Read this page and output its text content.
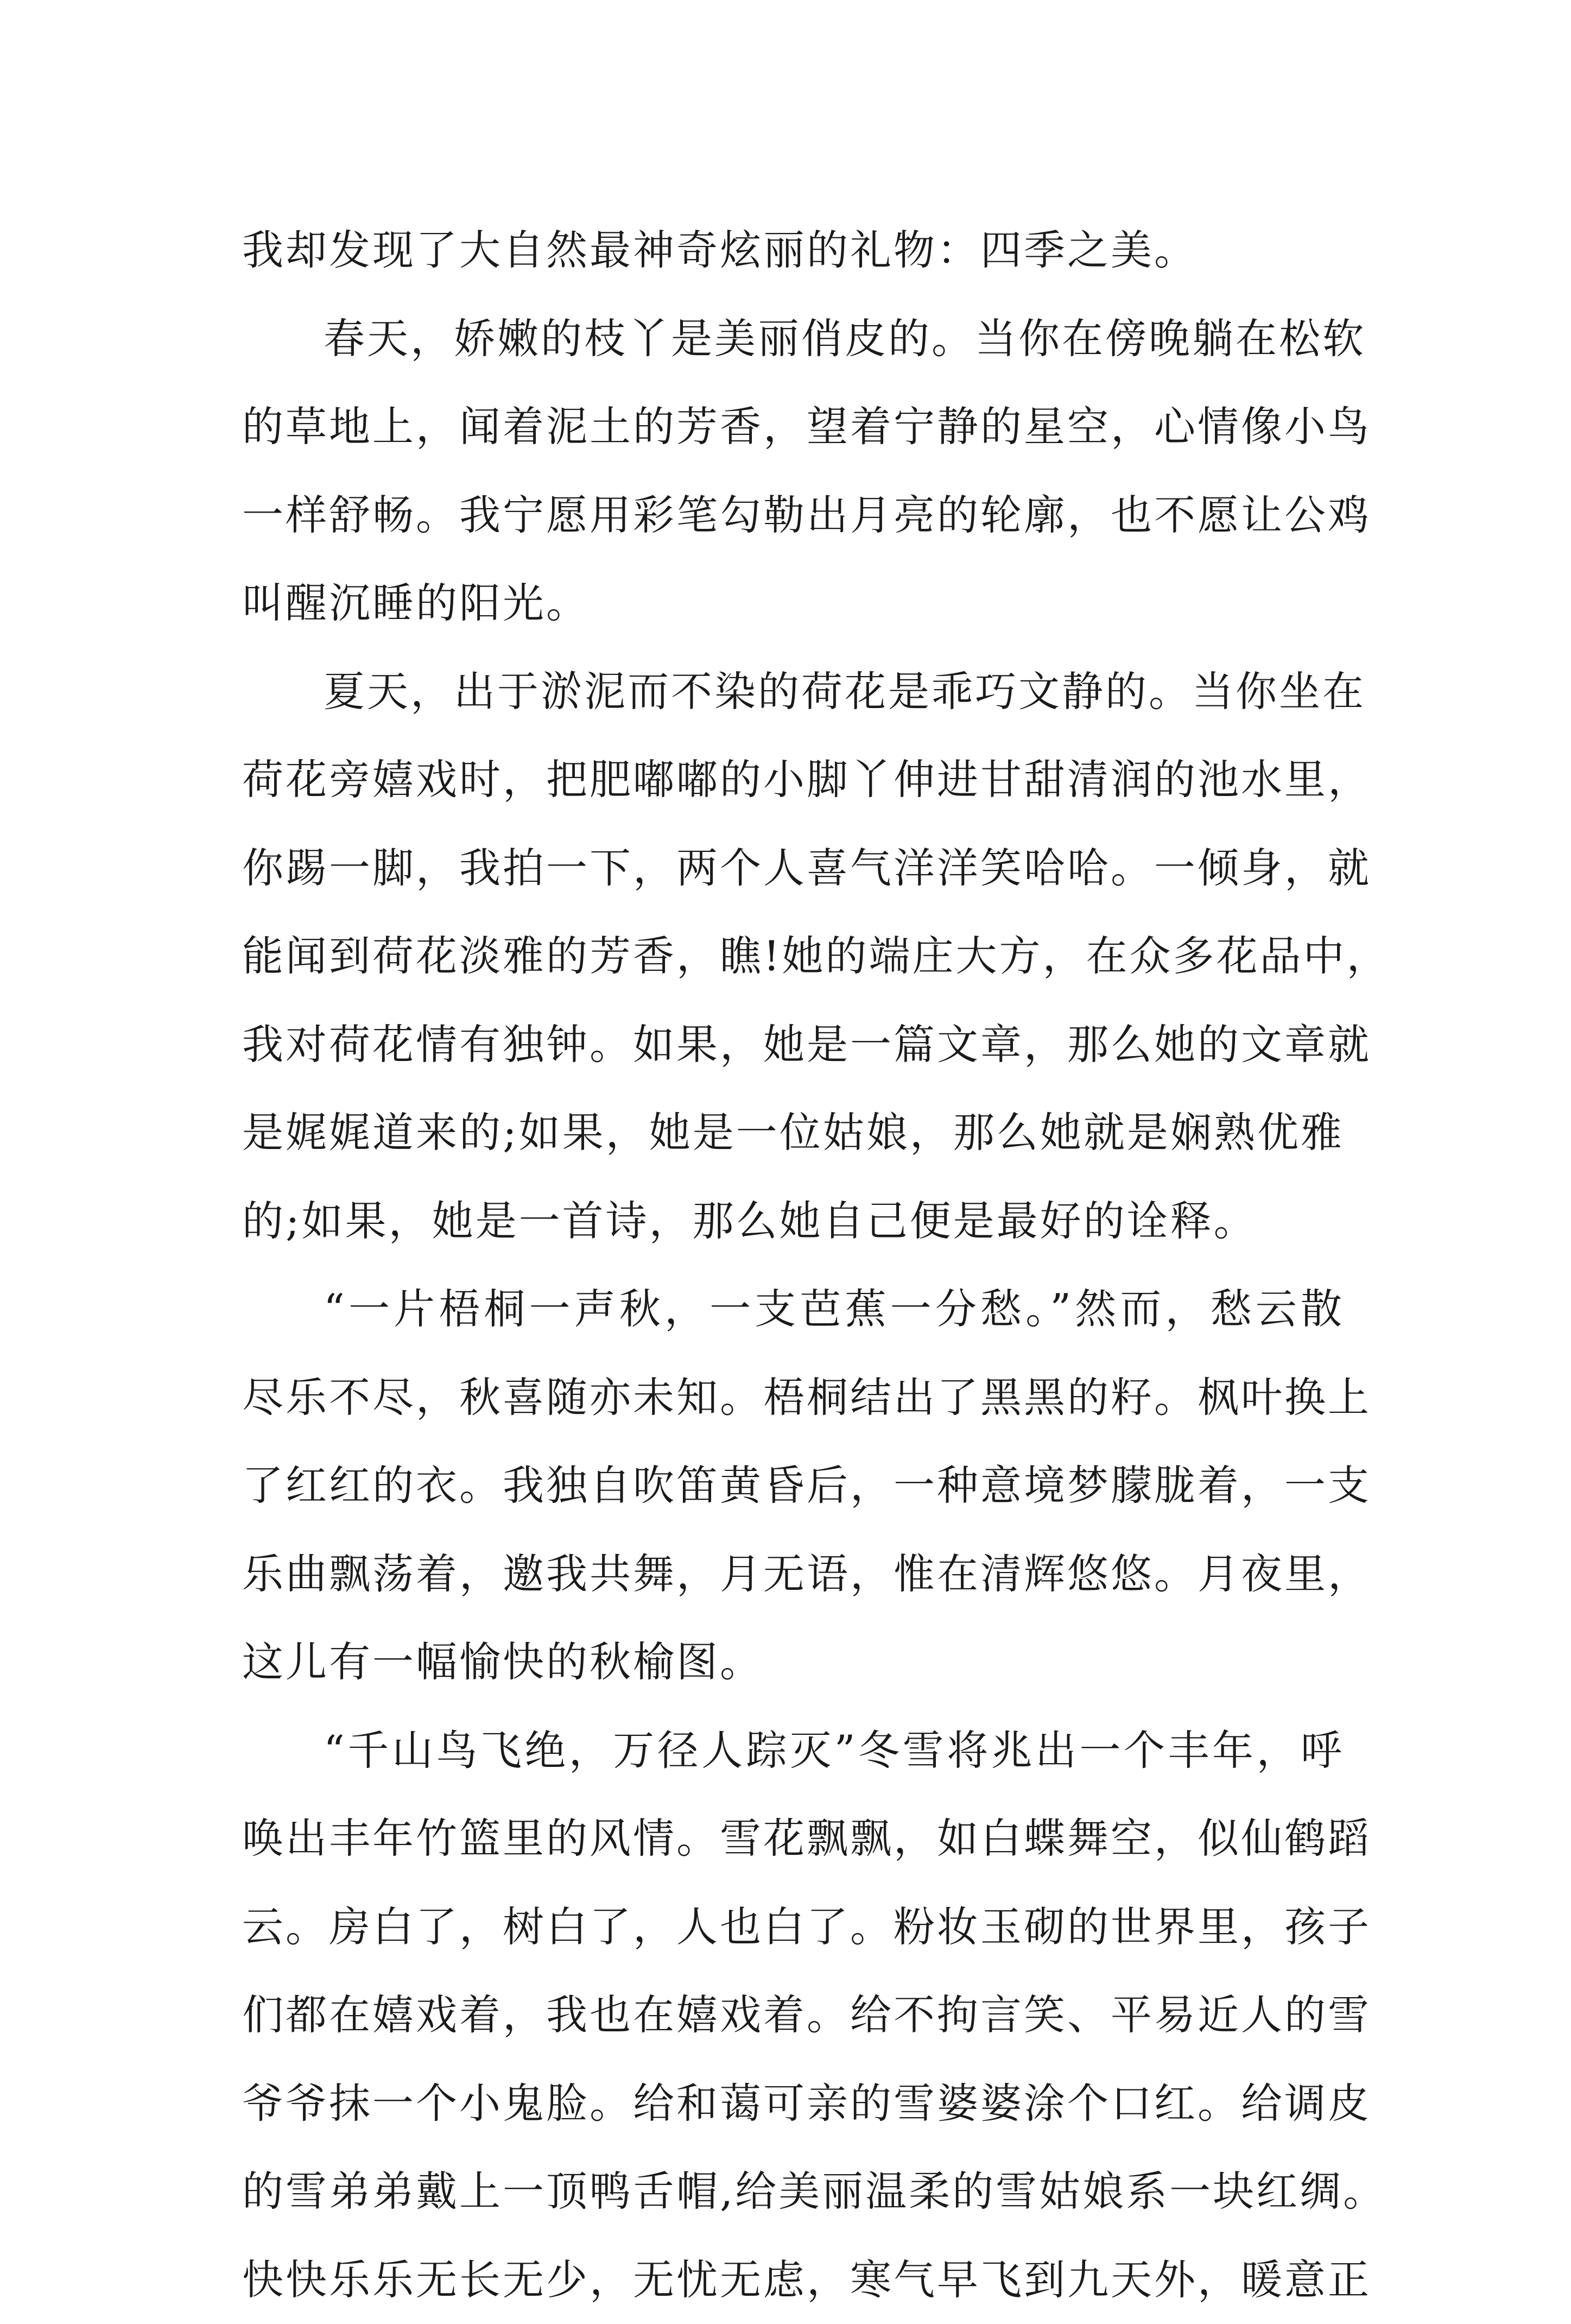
我却发现了大自然最神奇炫丽的礼物：四季之美。
春天，娇嫩的枝丫是美丽俏皮的。当你在傍晚躺在松软
的草地上，闻着泥土的芳香，望着宁静的星空，心情像小鸟
一样舒畅。我宁愿用彩笔勾勒出月亮的轮廓，也不愿让公鸡
叫醒沉睡的阳光。
夏天，出于淤泥而不染的荷花是乖巧文静的。当你坐在
荷花旁嬉戏时，把肥嘟嘟的小脚丫伸进甘甜清润的池水里，
你踢一脚，我拍一下，两个人喜气洋洋笑哈哈。一倾身，就
能闻到荷花淡雅的芳香，瞧!她的端庄大方，在众多花品中，
我对荷花情有独钟。如果，她是一篇文章，那么她的文章就
是娓娓道来的;如果，她是一位姑娘，那么她就是娴熟优雅
的;如果，她是一首诗，那么她自己便是最好的诠释。
“一片梧桐一声秋，一支芭蕉一分愁。”然而，愁云散
尽乐不尽，秋喜随亦未知。梧桐结出了黑黑的籽。枫叶换上
了红红的衣。我独自吹笛黄昏后，一种意境梦朦胧着，一支
乐曲飘荡着，邀我共舞，月无语，惟在清辉悠悠。月夜里，
这儿有一幅愉快的秋榆图。
“千山鸟飞绝，万径人踪灭”冬雪将兆出一个丰年，呼
唤出丰年竹篮里的风情。雪花飘飘，如白蝶舞空，似仙鹤蹈
云。房白了，树白了，人也白了。粉妆玉砌的世界里，孩子
们都在嬉戏着，我也在嬉戏着。给不拘言笑、平易近人的雪
爷爷抹一个小鬼脸。给和蔼可亲的雪婆婆涂个口红。给调皮
的雪弟弟戴上一顶鸭舌帽,给美丽温柔的雪姑娘系一块红绸。
快快乐乐无长无少，无忧无虑，寒气早飞到九天外，暖意正
